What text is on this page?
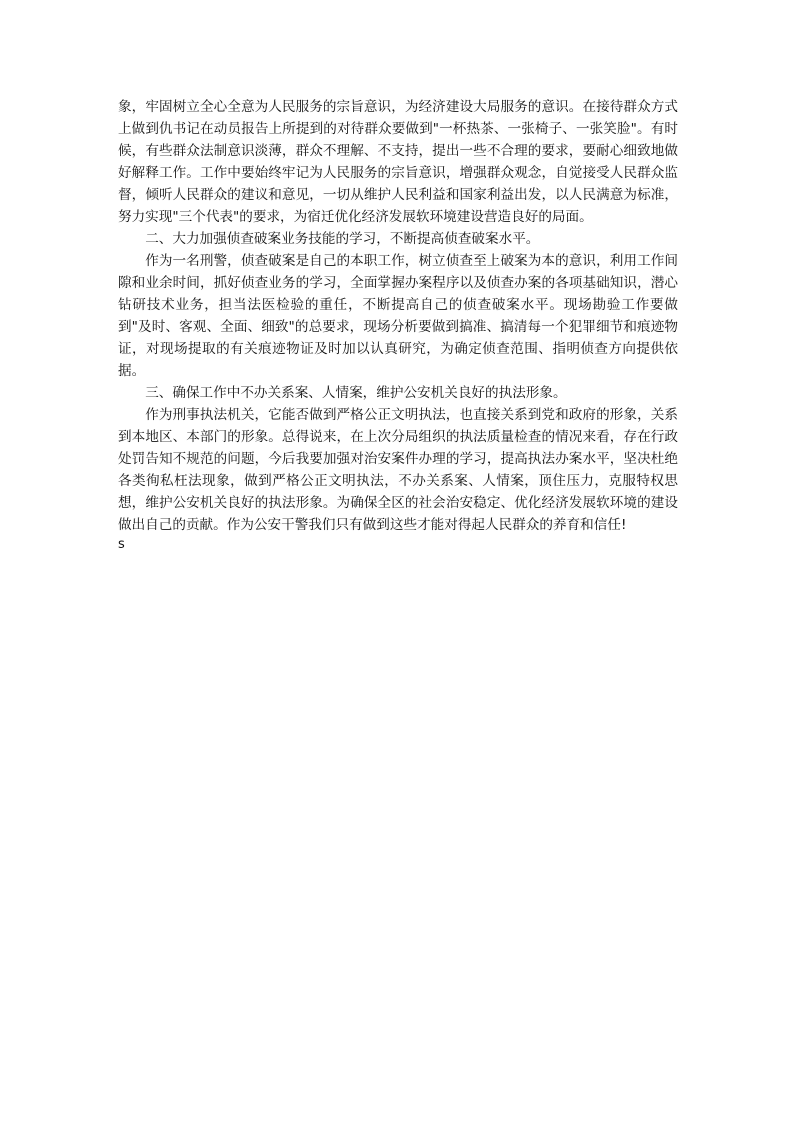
象，牢固树立全心全意为人民服务的宗旨意识，为经济建设大局服务的意识。在接待群众方式上做到仇书记在动员报告上所提到的对待群众要做到"一杯热茶、一张椅子、一张笑脸"。有时候，有些群众法制意识淡薄，群众不理解、不支持，提出一些不合理的要求，要耐心细致地做好解释工作。工作中要始终牢记为人民服务的宗旨意识，增强群众观念，自觉接受人民群众监督，倾听人民群众的建议和意见，一切从维护人民利益和国家利益出发，以人民满意为标准，努力实现"三个代表"的要求，为宿迁优化经济发展软环境建设营造良好的局面。

二、大力加强侦查破案业务技能的学习，不断提高侦查破案水平。

作为一名刑警，侦查破案是自己的本职工作，树立侦查至上破案为本的意识，利用工作间隙和业余时间，抓好侦查业务的学习，全面掌握办案程序以及侦查办案的各项基础知识，潜心钻研技术业务，担当法医检验的重任，不断提高自己的侦查破案水平。现场勘验工作要做到"及时、客观、全面、细致"的总要求，现场分析要做到搞准、搞清每一个犯罪细节和痕迹物证，对现场提取的有关痕迹物证及时加以认真研究，为确定侦查范围、指明侦查方向提供依据。

三、确保工作中不办关系案、人情案，维护公安机关良好的执法形象。

作为刑事执法机关，它能否做到严格公正文明执法，也直接关系到党和政府的形象，关系到本地区、本部门的形象。总得说来，在上次分局组织的执法质量检查的情况来看，存在行政处罚告知不规范的问题，今后我要加强对治安案件办理的学习，提高执法办案水平，坚决杜绝各类徇私枉法现象，做到严格公正文明执法，不办关系案、人情案，顶住压力，克服特权思想，维护公安机关良好的执法形象。为确保全区的社会治安稳定、优化经济发展软环境的建设做出自己的贡献。作为公安干警我们只有做到这些才能对得起人民群众的养育和信任!

s
